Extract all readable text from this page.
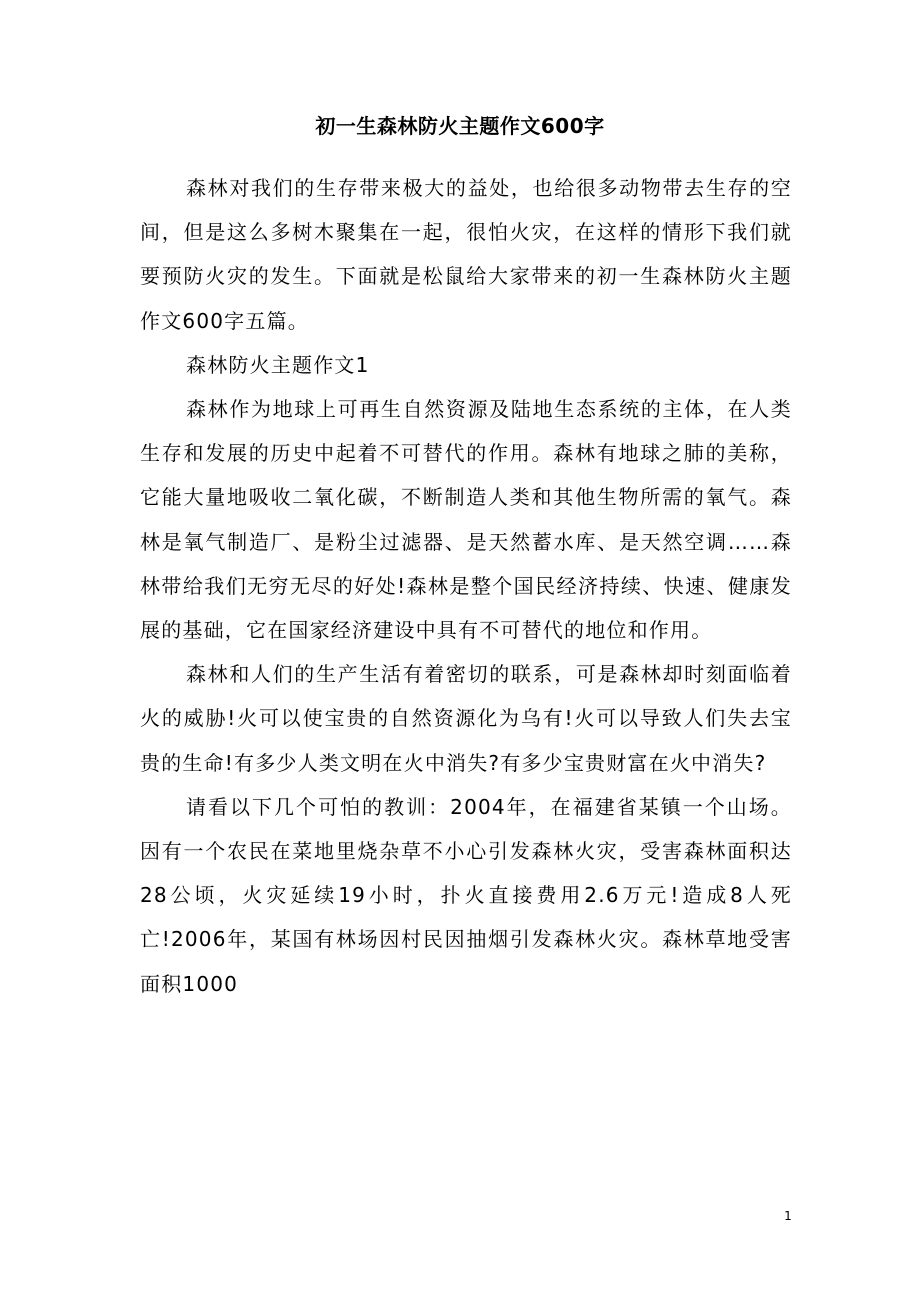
初一生森林防火主题作文600字

森林对我们的生存带来极大的益处，也给很多动物带去生存的空间，但是这么多树木聚集在一起，很怕火灾，在这样的情形下我们就要预防火灾的发生。下面就是松鼠给大家带来的初一生森林防火主题作文600字五篇。

森林防火主题作文1

森林作为地球上可再生自然资源及陆地生态系统的主体，在人类生存和发展的历史中起着不可替代的作用。森林有地球之肺的美称，它能大量地吸收二氧化碳，不断制造人类和其他生物所需的氧气。森林是氧气制造厂、是粉尘过滤器、是天然蓄水库、是天然空调……森林带给我们无穷无尽的好处!森林是整个国民经济持续、快速、健康发展的基础，它在国家经济建设中具有不可替代的地位和作用。

森林和人们的生产生活有着密切的联系，可是森林却时刻面临着火的威胁!火可以使宝贵的自然资源化为乌有!火可以导致人们失去宝贵的生命!有多少人类文明在火中消失?有多少宝贵财富在火中消失?

请看以下几个可怕的教训：2004年，在福建省某镇一个山场。因有一个农民在菜地里烧杂草不小心引发森林火灾，受害森林面积达28公顷，火灾延续19小时，扑火直接费用2.6万元!造成8人死亡!2006年，某国有林场因村民因抽烟引发森林火灾。森林草地受害面积1000

1
